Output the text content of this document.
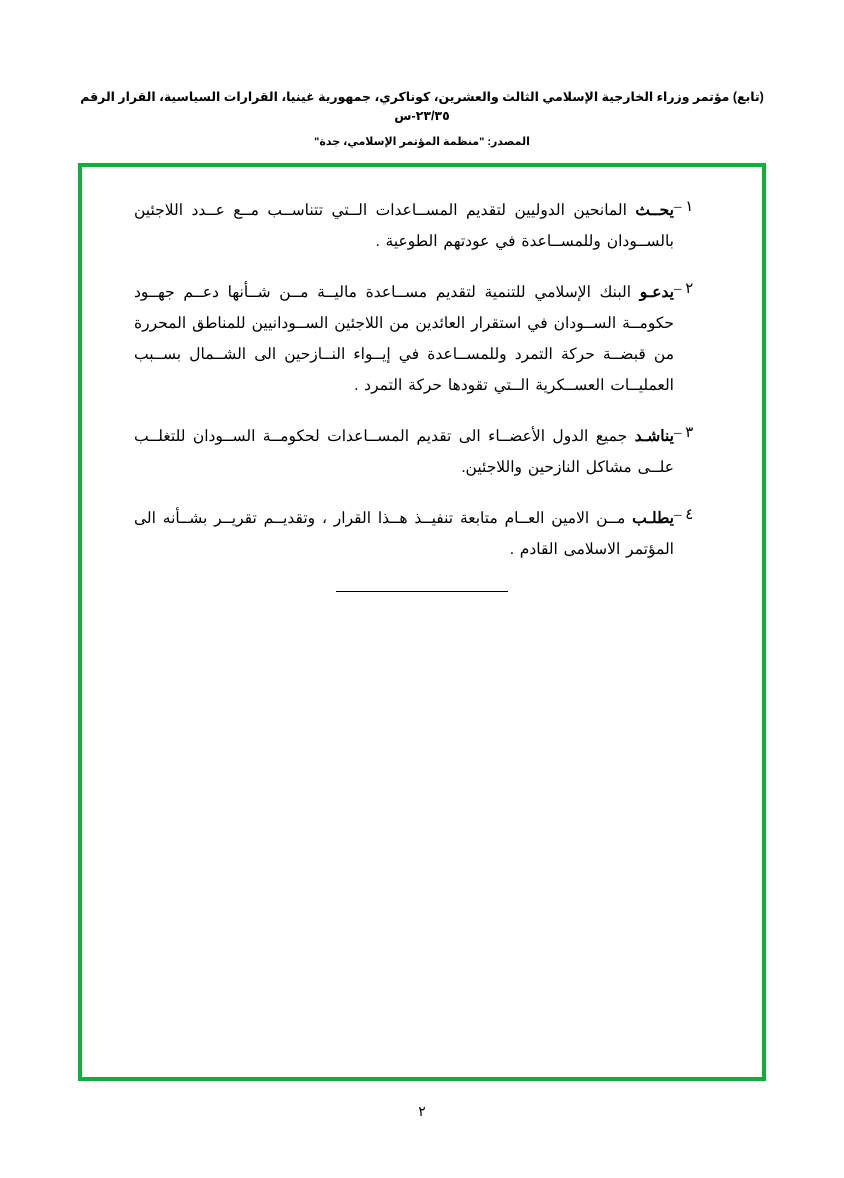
(تابع) مؤتمر وزراء الخارجية الإسلامي الثالث والعشرين، كوناكري، جمهورية غينيا، القرارات السياسية، القرار الرقم ٢٣/٣٥-س
المصدر: "منظمة المؤتمر الإسلامي، جدة"
١ –
يحــث المانحين الدوليين لتقديم المســاعدات الــتي تتناســب مــع عــدد اللاجئين بالســودان وللمســاعدة في عودتهم الطوعية .
٢ –
يدعـو البنك الإسلامي للتنمية لتقديم مســاعدة ماليــة مــن شــأنها دعــم جهــود حكومــة الســودان في استقرار العائدين من اللاجئين الســودانيين للمناطق المحررة من قبضــة حركة التمرد وللمســاعدة في إيــواء النــازحين الى الشــمال بســبب العمليــات العســكرية الــتي تقودها حركة التمرد .
٣ –
يناشـد جميع الدول الأعضــاء الى تقديم المســاعدات لحكومــة الســودان للتغلــب علــى مشاكل النازحين واللاجئين.
٤ –
يطلـب مــن الامين العــام متابعة تنفيــذ هــذا القرار ، وتقديــم تقريــر بشــأنه الى المؤتمر الاسلامى القادم .
٢
